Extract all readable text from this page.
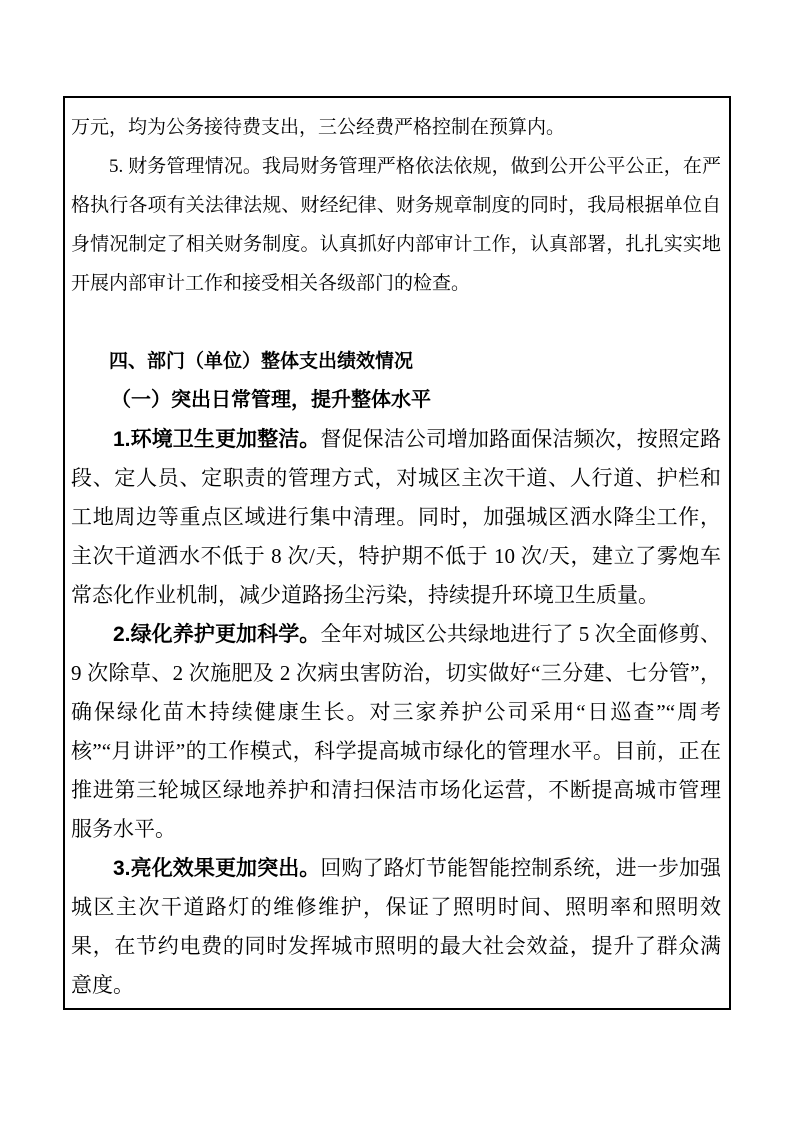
万元，均为公务接待费支出，三公经费严格控制在预算内。

5. 财务管理情况。我局财务管理严格依法依规，做到公开公平公正，在严格执行各项有关法律法规、财经纪律、财务规章制度的同时，我局根据单位自身情况制定了相关财务制度。认真抓好内部审计工作，认真部署，扎扎实实地开展内部审计工作和接受相关各级部门的检查。

四、部门（单位）整体支出绩效情况

（一）突出日常管理，提升整体水平

1.环境卫生更加整洁。督促保洁公司增加路面保洁频次，按照定路段、定人员、定职责的管理方式，对城区主次干道、人行道、护栏和工地周边等重点区域进行集中清理。同时，加强城区洒水降尘工作，主次干道洒水不低于 8 次/天，特护期不低于 10 次/天，建立了雾炮车常态化作业机制，减少道路扬尘污染，持续提升环境卫生质量。

2.绿化养护更加科学。全年对城区公共绿地进行了 5 次全面修剪、9 次除草、2 次施肥及 2 次病虫害防治，切实做好“三分建、七分管”，确保绿化苗木持续健康生长。对三家养护公司采用“日巡查”“周考核”“月讲评”的工作模式，科学提高城市绿化的管理水平。目前，正在推进第三轮城区绿地养护和清扫保洁市场化运营，不断提高城市管理服务水平。

3.亮化效果更加突出。回购了路灯节能智能控制系统，进一步加强城区主次干道路灯的维修维护，保证了照明时间、照明率和照明效果，在节约电费的同时发挥城市照明的最大社会效益，提升了群众满意度。
